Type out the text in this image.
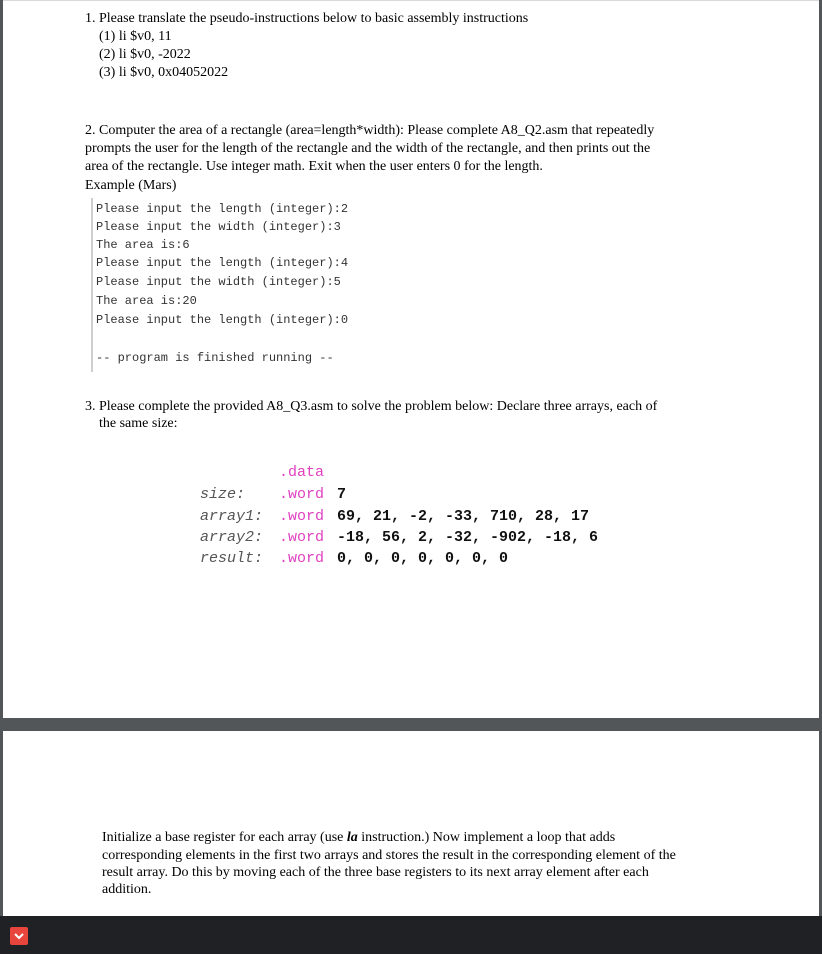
1. Please translate the pseudo-instructions below to basic assembly instructions
(1) li $v0, 11
(2) li $v0, -2022
(3) li $v0, 0x04052022
2. Computer the area of a rectangle (area=length*width): Please complete A8_Q2.asm that repeatedly
prompts the user for the length of the rectangle and the width of the rectangle, and then prints out the
area of the rectangle. Use integer math. Exit when the user enters 0 for the length.
Example (Mars)
Please input the length (integer):2
Please input the width (integer):3
The area is:6
Please input the length (integer):4
Please input the width (integer):5
The area is:20
Please input the length (integer):0
-- program is finished running --
3. Please complete the provided A8_Q3.asm to solve the problem below: Declare three arrays, each of
the same size:
.data
size: .word 7
array1: .word 69, 21, -2, -33, 710, 28, 17
array2: .word -18, 56, 2, -32, -902, -18, 6
result: .word 0, 0, 0, 0, 0, 0, 0
Initialize a base register for each array (use la instruction.) Now implement a loop that adds
corresponding elements in the first two arrays and stores the result in the corresponding element of the
result array. Do this by moving each of the three base registers to its next array element after each
addition.
